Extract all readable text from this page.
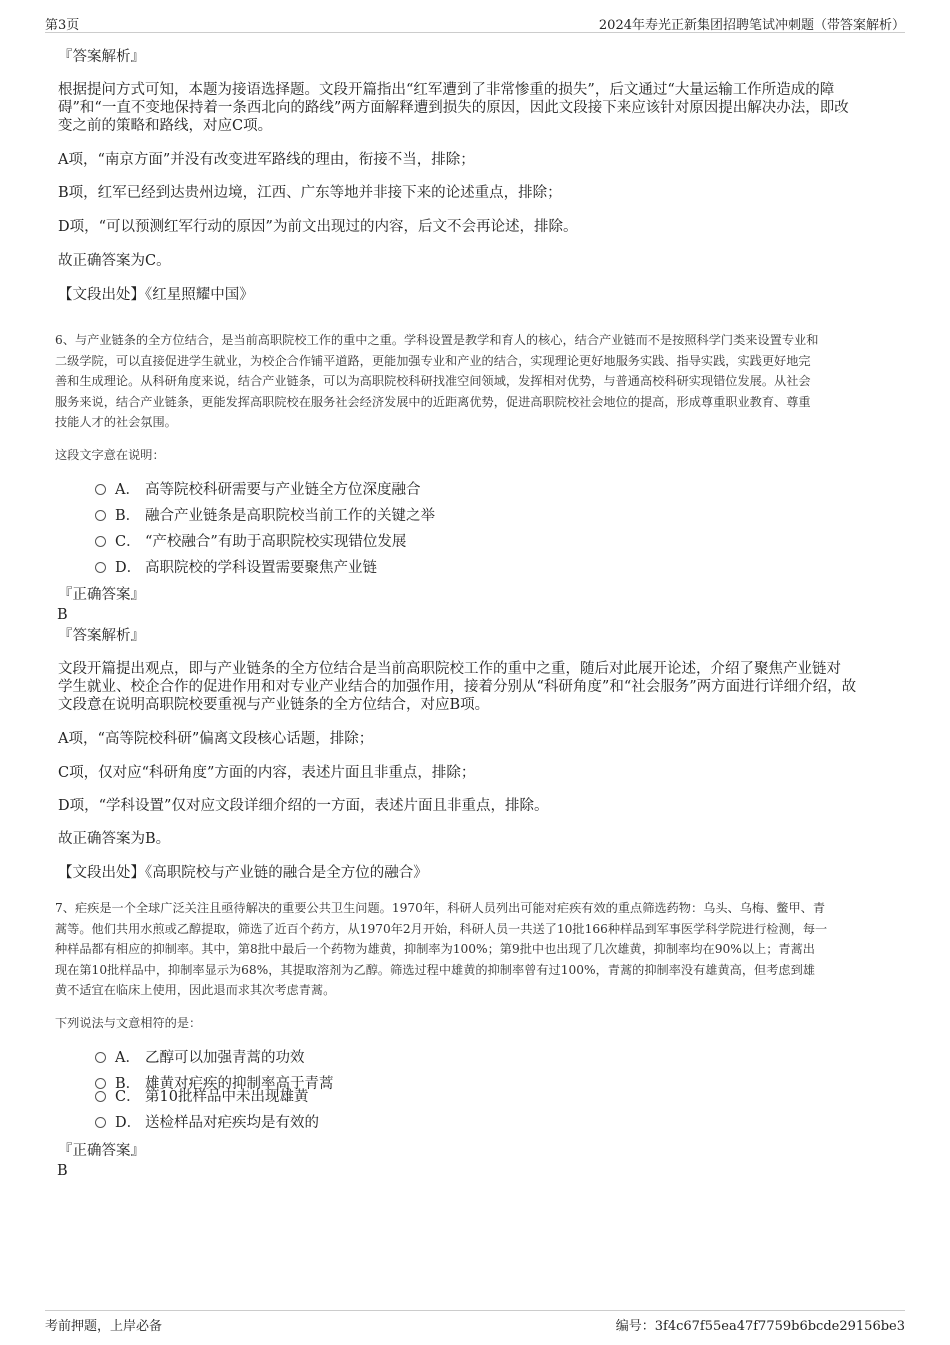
第3页	2024年寿光正新集团招聘笔试冲刺题（带答案解析）
『答案解析』
根据提问方式可知，本题为接语选择题。文段开篇指出“红军遭到了非常惨重的损失”，后文通过“大量运输工作所造成的障
碍”和“一直不变地保持着一条西北向的路线”两方面解释遭到损失的原因，因此文段接下来应该针对原因提出解决办法，即改
变之前的策略和路线，对应C项。
A项，“南京方面”并没有改变进军路线的理由，衔接不当，排除；
B项，红军已经到达贵州边境，江西、广东等地并非接下来的论述重点，排除；
D项，“可以预测红军行动的原因”为前文出现过的内容，后文不会再论述，排除。
故正确答案为C。
【文段出处】《红星照耀中国》
6、与产业链条的全方位结合，是当前高职院校工作的重中之重。学科设置是教学和育人的核心，结合产业链而不是按照科学门类来设置专业和
二级学院，可以直接促进学生就业，为校企合作铺平道路，更能加强专业和产业的结合，实现理论更好地服务实践、指导实践，实践更好地完
善和生成理论。从科研角度来说，结合产业链条，可以为高职院校科研找准空间领域，发挥相对优势，与普通高校科研实现错位发展。从社会
服务来说，结合产业链条，更能发挥高职院校在服务社会经济发展中的近距离优势，促进高职院校社会地位的提高，形成尊重职业教育、尊重
技能人才的社会氛围。
这段文字意在说明：
A． 高等院校科研需要与产业链全方位深度融合
B． 融合产业链条是高职院校当前工作的关键之举
C． “产校融合”有助于高职院校实现错位发展
D． 高职院校的学科设置需要聚焦产业链
『正确答案』
B
『答案解析』
文段开篇提出观点，即与产业链条的全方位结合是当前高职院校工作的重中之重，随后对此展开论述，介绍了聚焦产业链对
学生就业、校企合作的促进作用和对专业产业结合的加强作用，接着分别从“科研角度”和“社会服务”两方面进行详细介绍，故
文段意在说明高职院校要重视与产业链条的全方位结合，对应B项。
A项，“高等院校科研”偏离文段核心话题，排除；
C项，仅对应“科研角度”方面的内容，表述片面且非重点，排除；
D项，“学科设置”仅对应文段详细介绍的一方面，表述片面且非重点，排除。
故正确答案为B。
【文段出处】《高职院校与产业链的融合是全方位的融合》
7、疟疾是一个全球广泛关注且亟待解决的重要公共卫生问题。1970年，科研人员列出可能对疟疾有效的重点筛选药物：乌头、乌梅、鳖甲、青
蒿等。他们共用水煎或乙醇提取，筛选了近百个药方，从1970年2月开始，科研人员一共送了10批166种样品到军事医学科学院进行检测，每一
种样品都有相应的抑制率。其中，第8批中最后一个药物为雄黄，抑制率为100%；第9批中也出现了几次雄黄，抑制率均在90%以上；青蒿出
现在第10批样品中，抑制率显示为68%，其提取溶剂为乙醇。筛选过程中雄黄的抑制率曾有过100%，青蒿的抑制率没有雄黄高，但考虑到雄
黄不适宜在临床上使用，因此退而求其次考虑青蒿。
下列说法与文意相符的是：
A． 乙醇可以加强青蒿的功效
B． 雄黄对疟疾的抑制率高于青蒿
C． 第10批样品中未出现雄黄
D． 送检样品对疟疾均是有效的
『正确答案』
B
考前押题，上岸必备	编号：3f4c67f55ea47f7759b6bcde29156be3
